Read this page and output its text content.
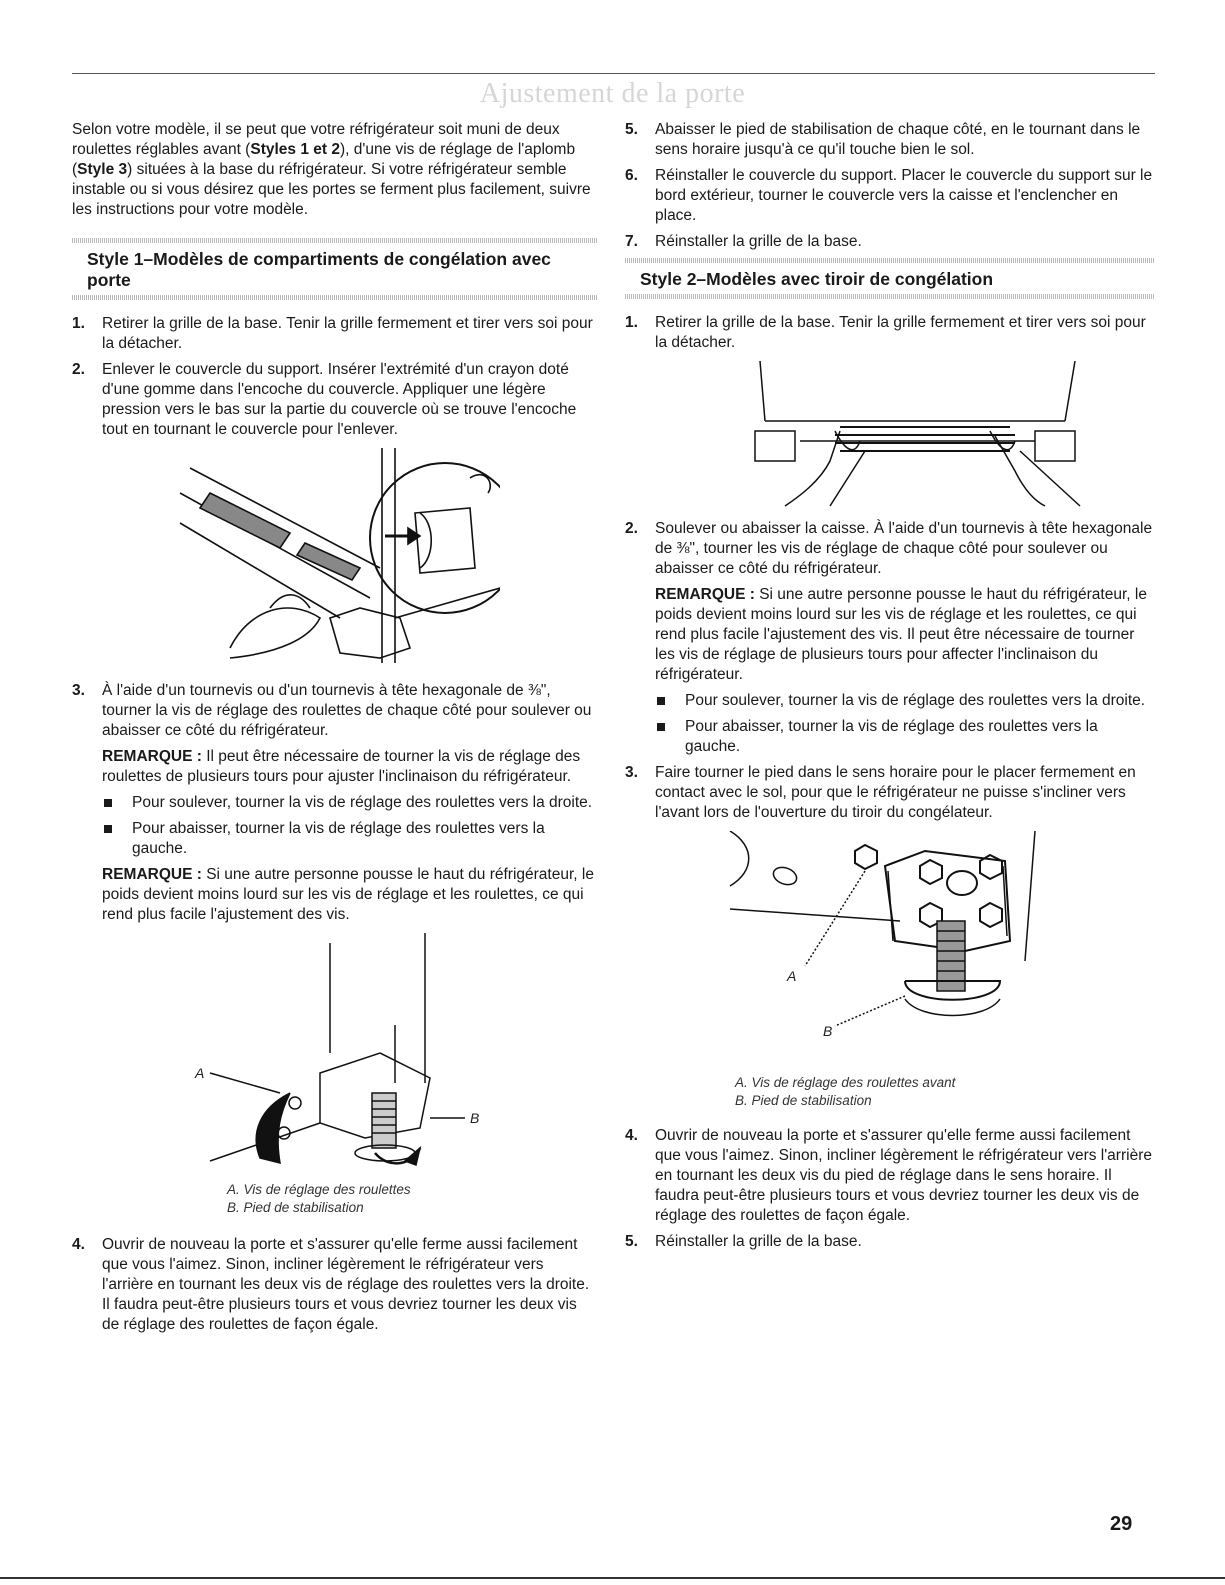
Ajustement de la porte

Selon votre modèle, il se peut que votre réfrigérateur soit muni de deux roulettes réglables avant (Styles 1 et 2), d'une vis de réglage de l'aplomb (Style 3) situées à la base du réfrigérateur. Si votre réfrigérateur semble instable ou si vous désirez que les portes se ferment plus facilement, suivre les instructions pour votre modèle.

Style 1–Modèles de compartiments de congélation avec porte
1. Retirer la grille de la base. Tenir la grille fermement et tirer vers soi pour la détacher.
2. Enlever le couvercle du support. Insérer l'extrémité d'un crayon doté d'une gomme dans l'encoche du couvercle. Appliquer une légère pression vers le bas sur la partie du couvercle où se trouve l'encoche tout en tournant le couvercle pour l'enlever.
3. À l'aide d'un tournevis ou d'un tournevis à tête hexagonale de ⅜", tourner la vis de réglage des roulettes de chaque côté pour soulever ou abaisser ce côté du réfrigérateur.

REMARQUE : Il peut être nécessaire de tourner la vis de réglage des roulettes de plusieurs tours pour ajuster l'inclinaison du réfrigérateur.

Pour soulever, tourner la vis de réglage des roulettes vers la droite.
Pour abaisser, tourner la vis de réglage des roulettes vers la gauche.

REMARQUE : Si une autre personne pousse le haut du réfrigérateur, le poids devient moins lourd sur les vis de réglage et les roulettes, ce qui rend plus facile l'ajustement des vis.

A
B
A. Vis de réglage des roulettes
B. Pied de stabilisation
4. Ouvrir de nouveau la porte et s'assurer qu'elle ferme aussi facilement que vous l'aimez. Sinon, incliner légèrement le réfrigérateur vers l'arrière en tournant les deux vis de réglage des roulettes vers la droite. Il faudra peut-être plusieurs tours et vous devriez tourner les deux vis de réglage des roulettes de façon égale.
5. Abaisser le pied de stabilisation de chaque côté, en le tournant dans le sens horaire jusqu'à ce qu'il touche bien le sol.
6. Réinstaller le couvercle du support. Placer le couvercle du support sur le bord extérieur, tourner le couvercle vers la caisse et l'enclencher en place.
7. Réinstaller la grille de la base.
Style 2–Modèles avec tiroir de congélation
1. Retirer la grille de la base. Tenir la grille fermement et tirer vers soi pour la détacher.
2. Soulever ou abaisser la caisse. À l'aide d'un tournevis à tête hexagonale de ⅜", tourner les vis de réglage de chaque côté pour soulever ou abaisser ce côté du réfrigérateur.

REMARQUE : Si une autre personne pousse le haut du réfrigérateur, le poids devient moins lourd sur les vis de réglage et les roulettes, ce qui rend plus facile l'ajustement des vis. Il peut être nécessaire de tourner les vis de réglage de plusieurs tours pour affecter l'inclinaison du réfrigérateur.

Pour soulever, tourner la vis de réglage des roulettes vers la droite.
Pour abaisser, tourner la vis de réglage des roulettes vers la gauche.
3. Faire tourner le pied dans le sens horaire pour le placer fermement en contact avec le sol, pour que le réfrigérateur ne puisse s'incliner vers l'avant lors de l'ouverture du tiroir du congélateur.
A
B
A. Vis de réglage des roulettes avant
B. Pied de stabilisation
4. Ouvrir de nouveau la porte et s'assurer qu'elle ferme aussi facilement que vous l'aimez. Sinon, incliner légèrement le réfrigérateur vers l'arrière en tournant les deux vis du pied de réglage dans le sens horaire. Il faudra peut-être plusieurs tours et vous devriez tourner les deux vis de réglage des roulettes de façon égale.
5. Réinstaller la grille de la base.
29
